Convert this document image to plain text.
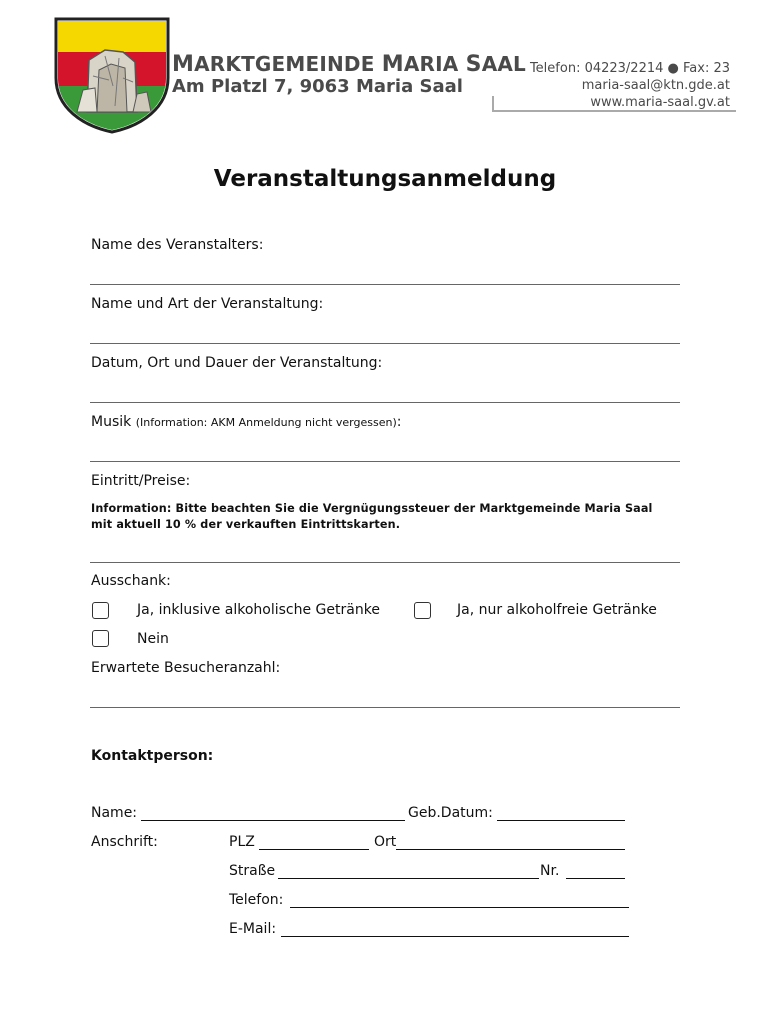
MARKTGEMEINDE MARIA SAAL
Am Platzl 7, 9063 Maria Saal
Telefon: 04223/2214 ● Fax: 23
maria-saal@ktn.gde.at
www.maria-saal.gv.at
Veranstaltungsanmeldung
Name des Veranstalters:
Name und Art der Veranstaltung:
Datum, Ort und Dauer der Veranstaltung:
Musik (Information: AKM Anmeldung nicht vergessen):
Eintritt/Preise:
Information: Bitte beachten Sie die Vergnügungssteuer der Marktgemeinde Maria Saal
mit aktuell 10 % der verkauften Eintrittskarten.
Ausschank:
Ja, inklusive alkoholische Getränke	Ja, nur alkoholfreie Getränke
Nein
Erwartete Besucheranzahl:
Kontaktperson:
Name:	Geb.Datum:
Anschrift:	PLZ	Ort
Straße	Nr.
Telefon:
E-Mail:
